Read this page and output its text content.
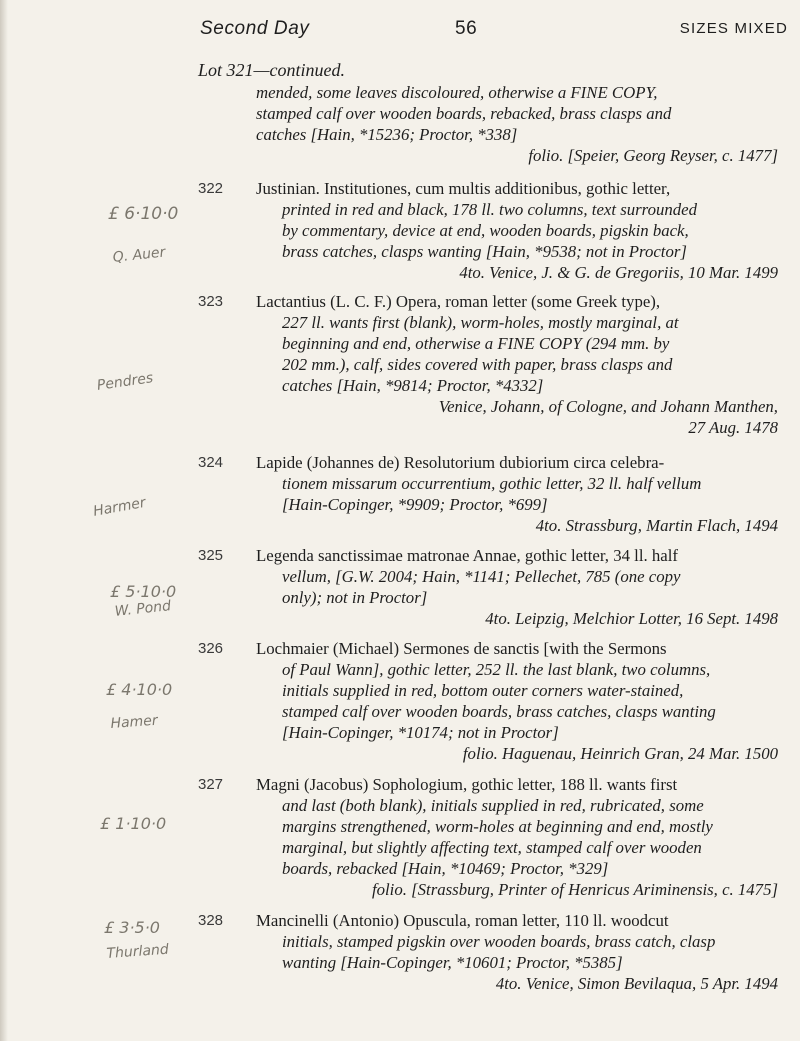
Second Day	56	SIZES MIXED
Lot 321—continued.
mended, some leaves discoloured, otherwise a FINE COPY,
stamped calf over wooden boards, rebacked, brass clasps and
catches [Hain, *15236; Proctor, *338]
folio. [Speier, Georg Reyser, c. 1477]
322	Justinian. Institutiones, cum multis additionibus, gothic letter,
printed in red and black, 178 ll. two columns, text surrounded
by commentary, device at end, wooden boards, pigskin back,
brass catches, clasps wanting [Hain, *9538; not in Proctor]
4to. Venice, J. & G. de Gregoriis, 10 Mar. 1499
323	Lactantius (L. C. F.) Opera, roman letter (some Greek type),
227 ll. wants first (blank), worm-holes, mostly marginal, at
beginning and end, otherwise a FINE COPY (294 mm. by
202 mm.), calf, sides covered with paper, brass clasps and
catches [Hain, *9814; Proctor, *4332]
Venice, Johann, of Cologne, and Johann Manthen,
27 Aug. 1478
324	Lapide (Johannes de) Resolutorium dubiorium circa celebra-
tionem missarum occurrentium, gothic letter, 32 ll. half vellum
[Hain-Copinger, *9909; Proctor, *699]
4to. Strassburg, Martin Flach, 1494
325	Legenda sanctissimae matronae Annae, gothic letter, 34 ll. half
vellum, [G.W. 2004; Hain, *1141; Pellechet, 785 (one copy
only); not in Proctor]
4to. Leipzig, Melchior Lotter, 16 Sept. 1498
326	Lochmaier (Michael) Sermones de sanctis [with the Sermons
of Paul Wann], gothic letter, 252 ll. the last blank, two columns,
initials supplied in red, bottom outer corners water-stained,
stamped calf over wooden boards, brass catches, clasps wanting
[Hain-Copinger, *10174; not in Proctor]
folio. Haguenau, Heinrich Gran, 24 Mar. 1500
327	Magni (Jacobus) Sophologium, gothic letter, 188 ll. wants first
and last (both blank), initials supplied in red, rubricated, some
margins strengthened, worm-holes at beginning and end, mostly
marginal, but slightly affecting text, stamped calf over wooden
boards, rebacked [Hain, *10469; Proctor, *329]
folio. [Strassburg, Printer of Henricus Ariminensis, c. 1475]
328	Mancinelli (Antonio) Opuscula, roman letter, 110 ll. woodcut
initials, stamped pigskin over wooden boards, brass catch, clasp
wanting [Hain-Copinger, *10601; Proctor, *5385]
4to. Venice, Simon Bevilaqua, 5 Apr. 1494
£ 6·10·0
Q. Auer
Pendres
Harmer
£ 5·10·0
W. Pond
£ 4·10·0
Hamer
£ 1·10·0
£ 3·5·0
Thurland
